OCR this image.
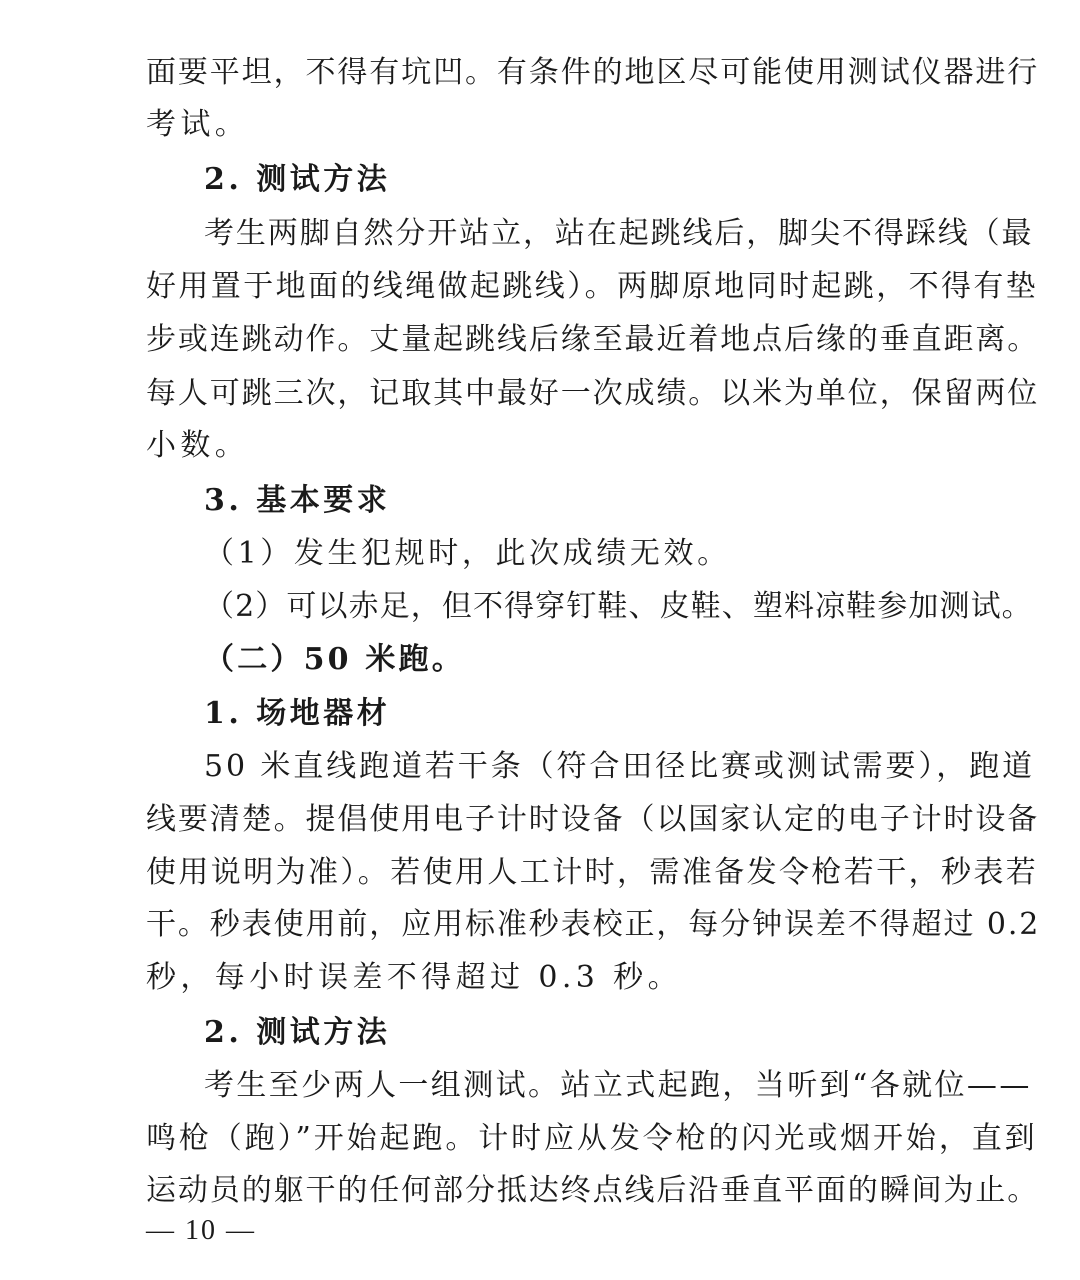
面要平坦，不得有坑凹。有条件的地区尽可能使用测试仪器进行
考试。
2. 测试方法
考生两脚自然分开站立，站在起跳线后，脚尖不得踩线（最
好用置于地面的线绳做起跳线）。两脚原地同时起跳，不得有垫
步或连跳动作。丈量起跳线后缘至最近着地点后缘的垂直距离。
每人可跳三次，记取其中最好一次成绩。以米为单位，保留两位
小数。
3. 基本要求
（1）发生犯规时，此次成绩无效。
（2）可以赤足，但不得穿钉鞋、皮鞋、塑料凉鞋参加测试。
（二）50 米跑。
1. 场地器材
50 米直线跑道若干条（符合田径比赛或测试需要），跑道
线要清楚。提倡使用电子计时设备（以国家认定的电子计时设备
使用说明为准）。若使用人工计时，需准备发令枪若干，秒表若
干。秒表使用前，应用标准秒表校正，每分钟误差不得超过 0.2
秒，每小时误差不得超过 0.3 秒。
2. 测试方法
考生至少两人一组测试。站立式起跑，当听到“各就位——
鸣枪（跑）”开始起跑。计时应从发令枪的闪光或烟开始，直到
运动员的躯干的任何部分抵达终点线后沿垂直平面的瞬间为止。
— 10 —
